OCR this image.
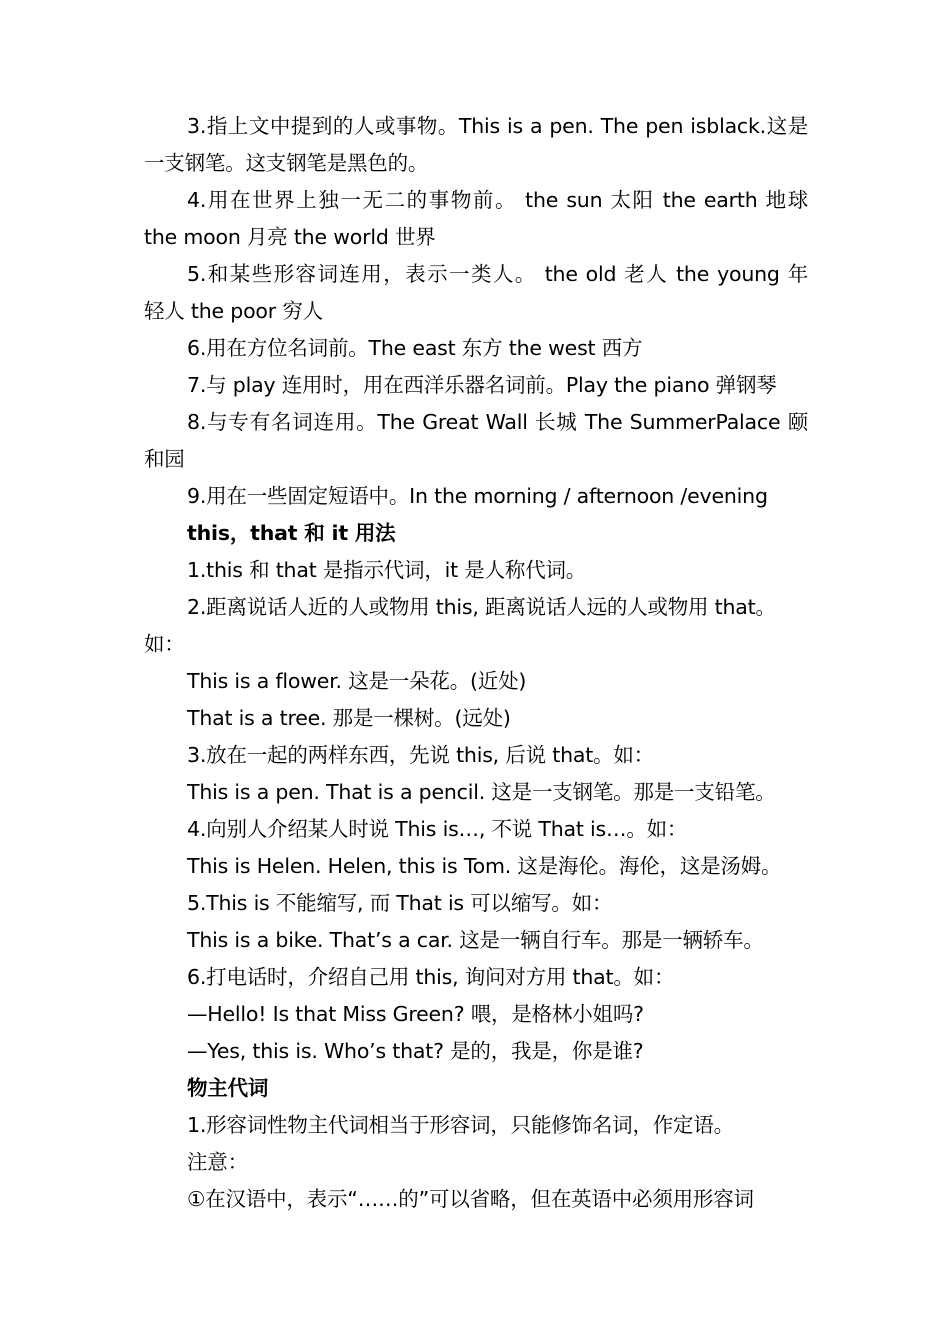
3.指上文中提到的人或事物。This is a pen. The pen isblack.这是
一支钢笔。这支钢笔是黑色的。
4.用在世界上独一无二的事物前。 the sun 太阳 the earth 地球
the moon 月亮 the world 世界
5.和某些形容词连用，表示一类人。 the old 老人 the young 年
轻人 the poor 穷人
6.用在方位名词前。The east 东方 the west 西方
7.与 play 连用时，用在西洋乐器名词前。Play the piano 弹钢琴
8.与专有名词连用。The Great Wall 长城 The SummerPalace 颐
和园
9.用在一些固定短语中。In the morning / afternoon /evening
this，that 和 it 用法
1.this 和 that 是指示代词，it 是人称代词。
2.距离说话人近的人或物用 this, 距离说话人远的人或物用 that。
如：
This is a flower. 这是一朵花。(近处)
That is a tree. 那是一棵树。(远处)
3.放在一起的两样东西，先说 this, 后说 that。如：
This is a pen. That is a pencil. 这是一支钢笔。那是一支铅笔。
4.向别人介绍某人时说 This is…, 不说 That is…。如：
This is Helen. Helen, this is Tom. 这是海伦。海伦，这是汤姆。
5.This is 不能缩写, 而 That is 可以缩写。如：
This is a bike. That’s a car. 这是一辆自行车。那是一辆轿车。
6.打电话时，介绍自己用 this, 询问对方用 that。如：
—Hello! Is that Miss Green? 喂，是格林小姐吗?
—Yes, this is. Who’s that? 是的，我是，你是谁?
物主代词
1.形容词性物主代词相当于形容词，只能修饰名词，作定语。
注意：
①在汉语中，表示“……的”可以省略，但在英语中必须用形容词
